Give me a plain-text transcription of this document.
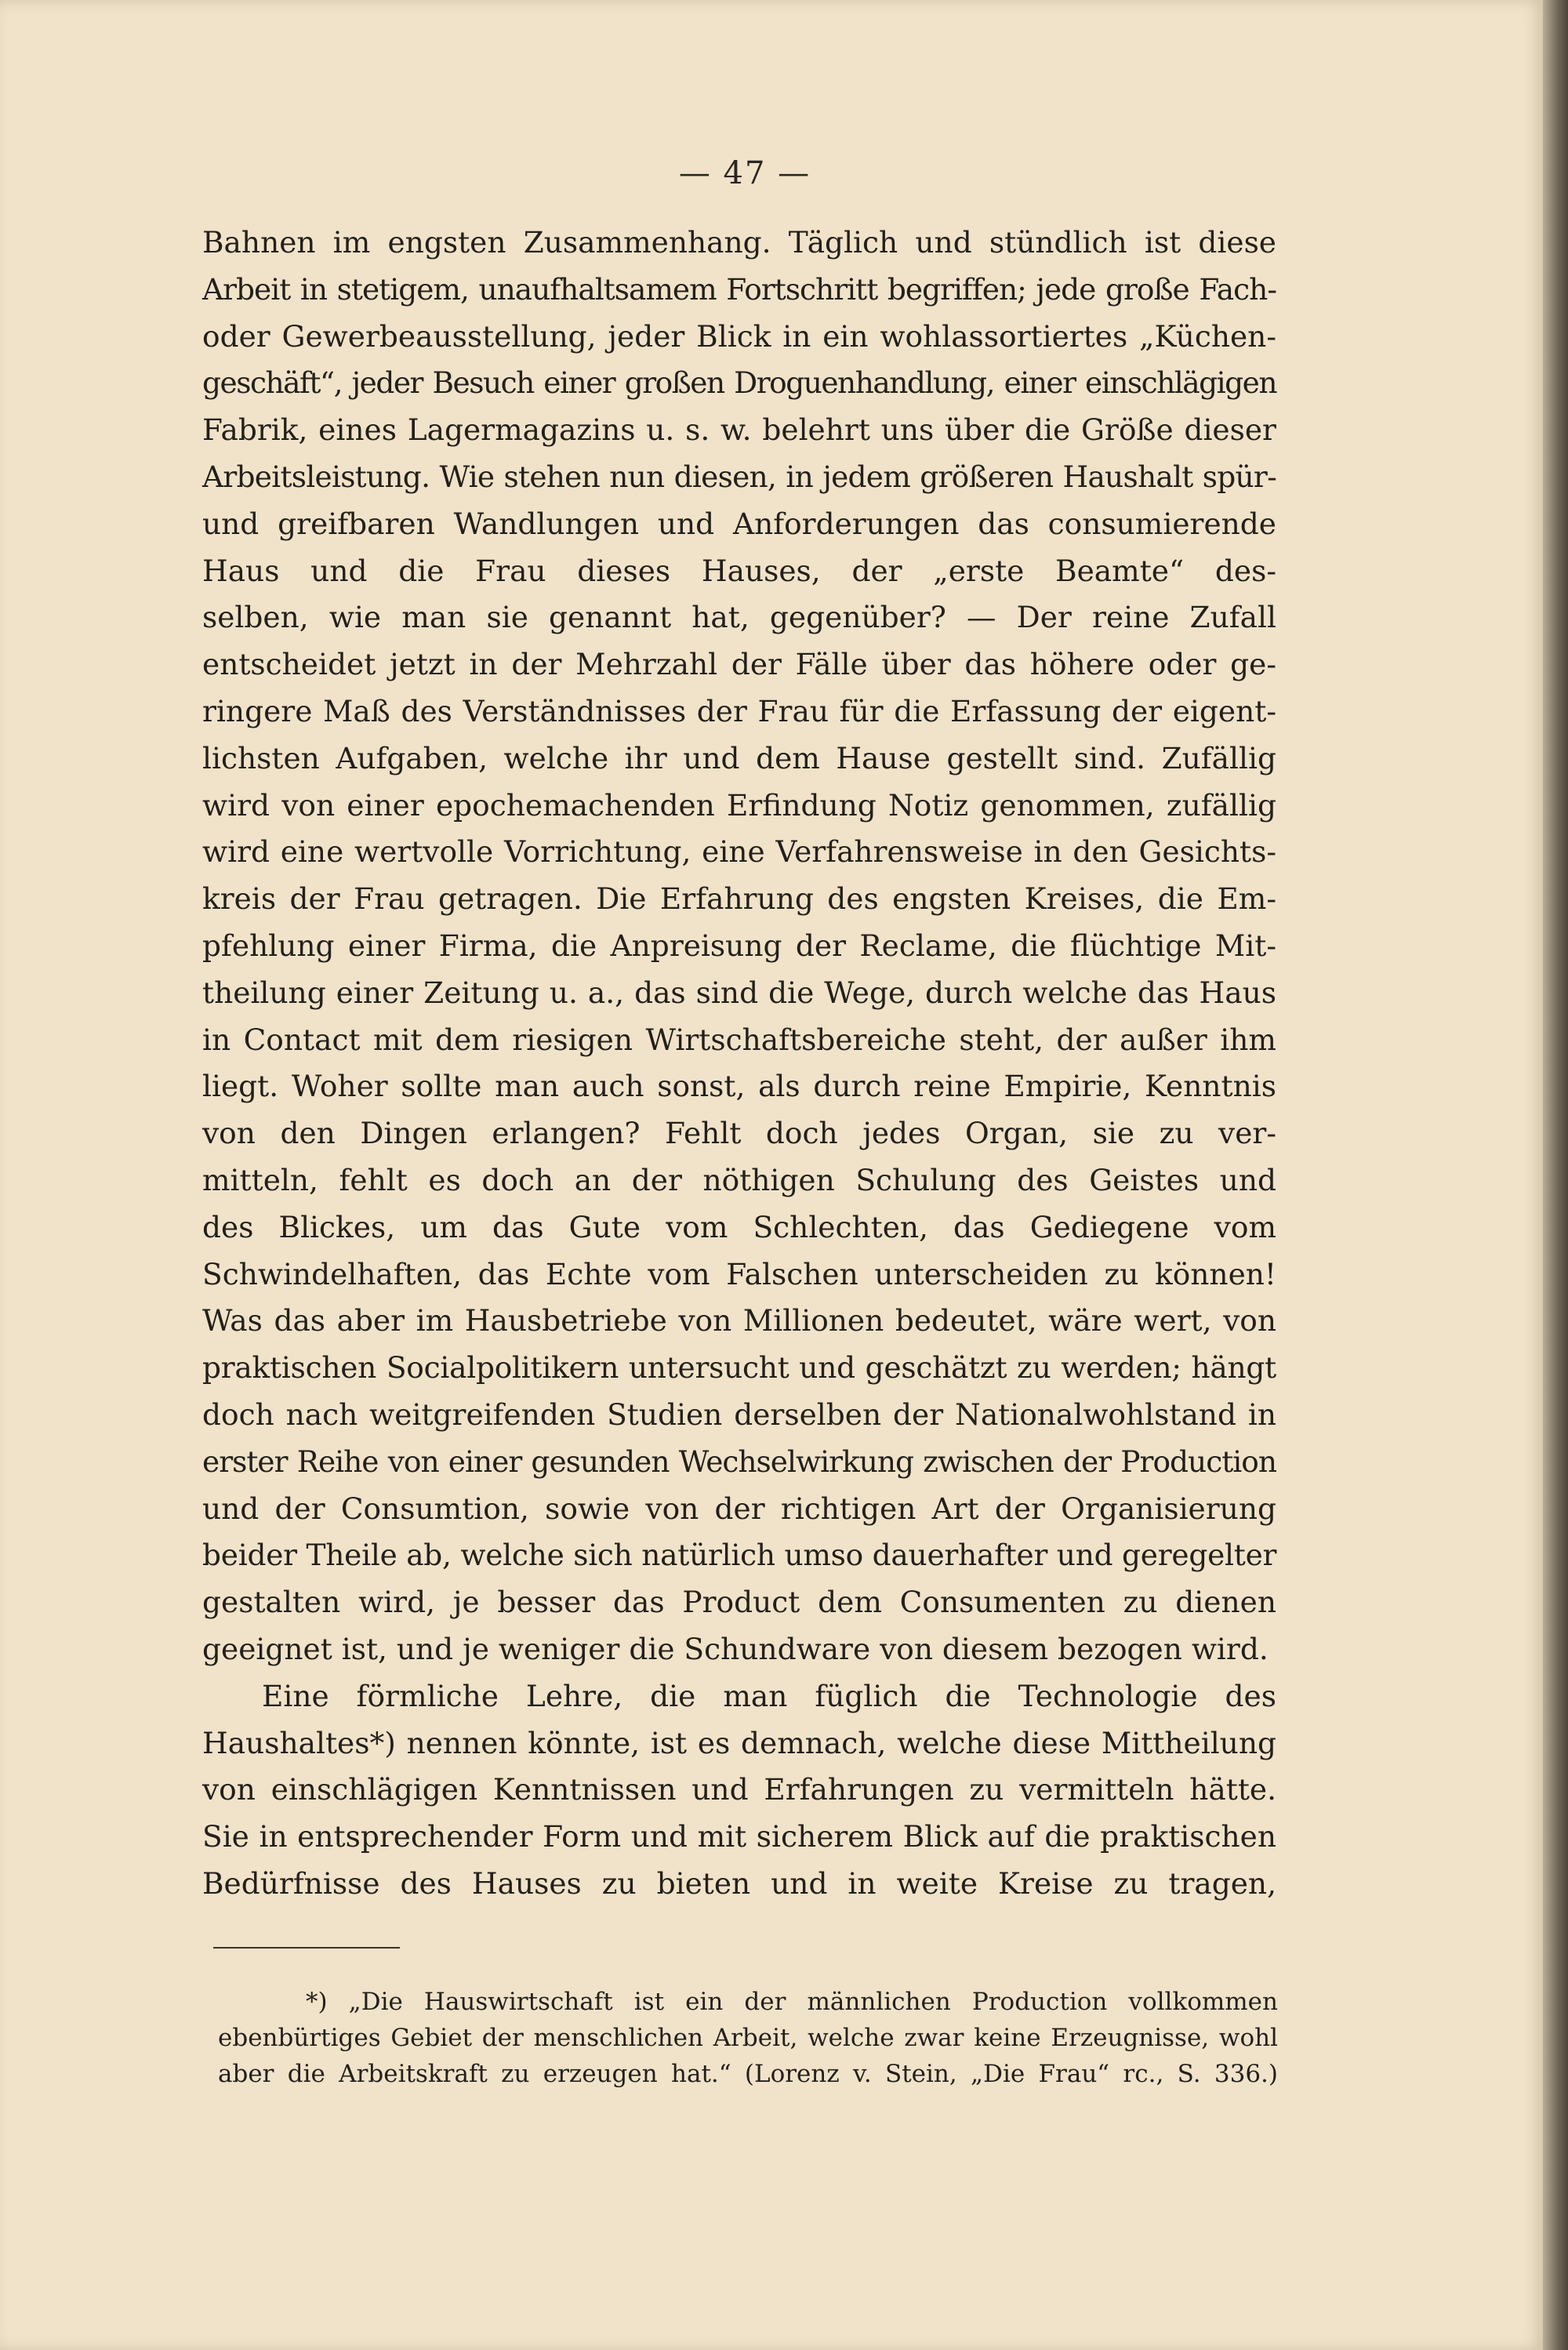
— 47 —
Bahnen im engsten Zusammenhang. Täglich und stündlich ist diese
Arbeit in stetigem, unaufhaltsamem Fortschritt begriffen; jede große Fach-
oder Gewerbeausstellung, jeder Blick in ein wohlassortiertes „Küchen-
geschäft“, jeder Besuch einer großen Droguenhandlung, einer einschlägigen
Fabrik, eines Lagermagazins u. s. w. belehrt uns über die Größe dieser
Arbeitsleistung. Wie stehen nun diesen, in jedem größeren Haushalt spür-
und greifbaren Wandlungen und Anforderungen das consumierende
Haus und die Frau dieses Hauses, der „erste Beamte“ des-
selben, wie man sie genannt hat, gegenüber? — Der reine Zufall
entscheidet jetzt in der Mehrzahl der Fälle über das höhere oder ge-
ringere Maß des Verständnisses der Frau für die Erfassung der eigent-
lichsten Aufgaben, welche ihr und dem Hause gestellt sind. Zufällig
wird von einer epochemachenden Erfindung Notiz genommen, zufällig
wird eine wertvolle Vorrichtung, eine Verfahrensweise in den Gesichts-
kreis der Frau getragen. Die Erfahrung des engsten Kreises, die Em-
pfehlung einer Firma, die Anpreisung der Reclame, die flüchtige Mit-
theilung einer Zeitung u. a., das sind die Wege, durch welche das Haus
in Contact mit dem riesigen Wirtschaftsbereiche steht, der außer ihm
liegt. Woher sollte man auch sonst, als durch reine Empirie, Kenntnis
von den Dingen erlangen? Fehlt doch jedes Organ, sie zu ver-
mitteln, fehlt es doch an der nöthigen Schulung des Geistes und
des Blickes, um das Gute vom Schlechten, das Gediegene vom
Schwindelhaften, das Echte vom Falschen unterscheiden zu können!
Was das aber im Hausbetriebe von Millionen bedeutet, wäre wert, von
praktischen Socialpolitikern untersucht und geschätzt zu werden; hängt
doch nach weitgreifenden Studien derselben der Nationalwohlstand in
erster Reihe von einer gesunden Wechselwirkung zwischen der Production
und der Consumtion, sowie von der richtigen Art der Organisierung
beider Theile ab, welche sich natürlich umso dauerhafter und geregelter
gestalten wird, je besser das Product dem Consumenten zu dienen
geeignet ist, und je weniger die Schundware von diesem bezogen wird.
Eine förmliche Lehre, die man füglich die Technologie des
Haushaltes*) nennen könnte, ist es demnach, welche diese Mittheilung
von einschlägigen Kenntnissen und Erfahrungen zu vermitteln hätte.
Sie in entsprechender Form und mit sicherem Blick auf die praktischen
Bedürfnisse des Hauses zu bieten und in weite Kreise zu tragen,
*) „Die Hauswirtschaft ist ein der männlichen Production vollkommen
ebenbürtiges Gebiet der menschlichen Arbeit, welche zwar keine Erzeugnisse, wohl
aber die Arbeitskraft zu erzeugen hat.“ (Lorenz v. Stein, „Die Frau“ rc., S. 336.)
